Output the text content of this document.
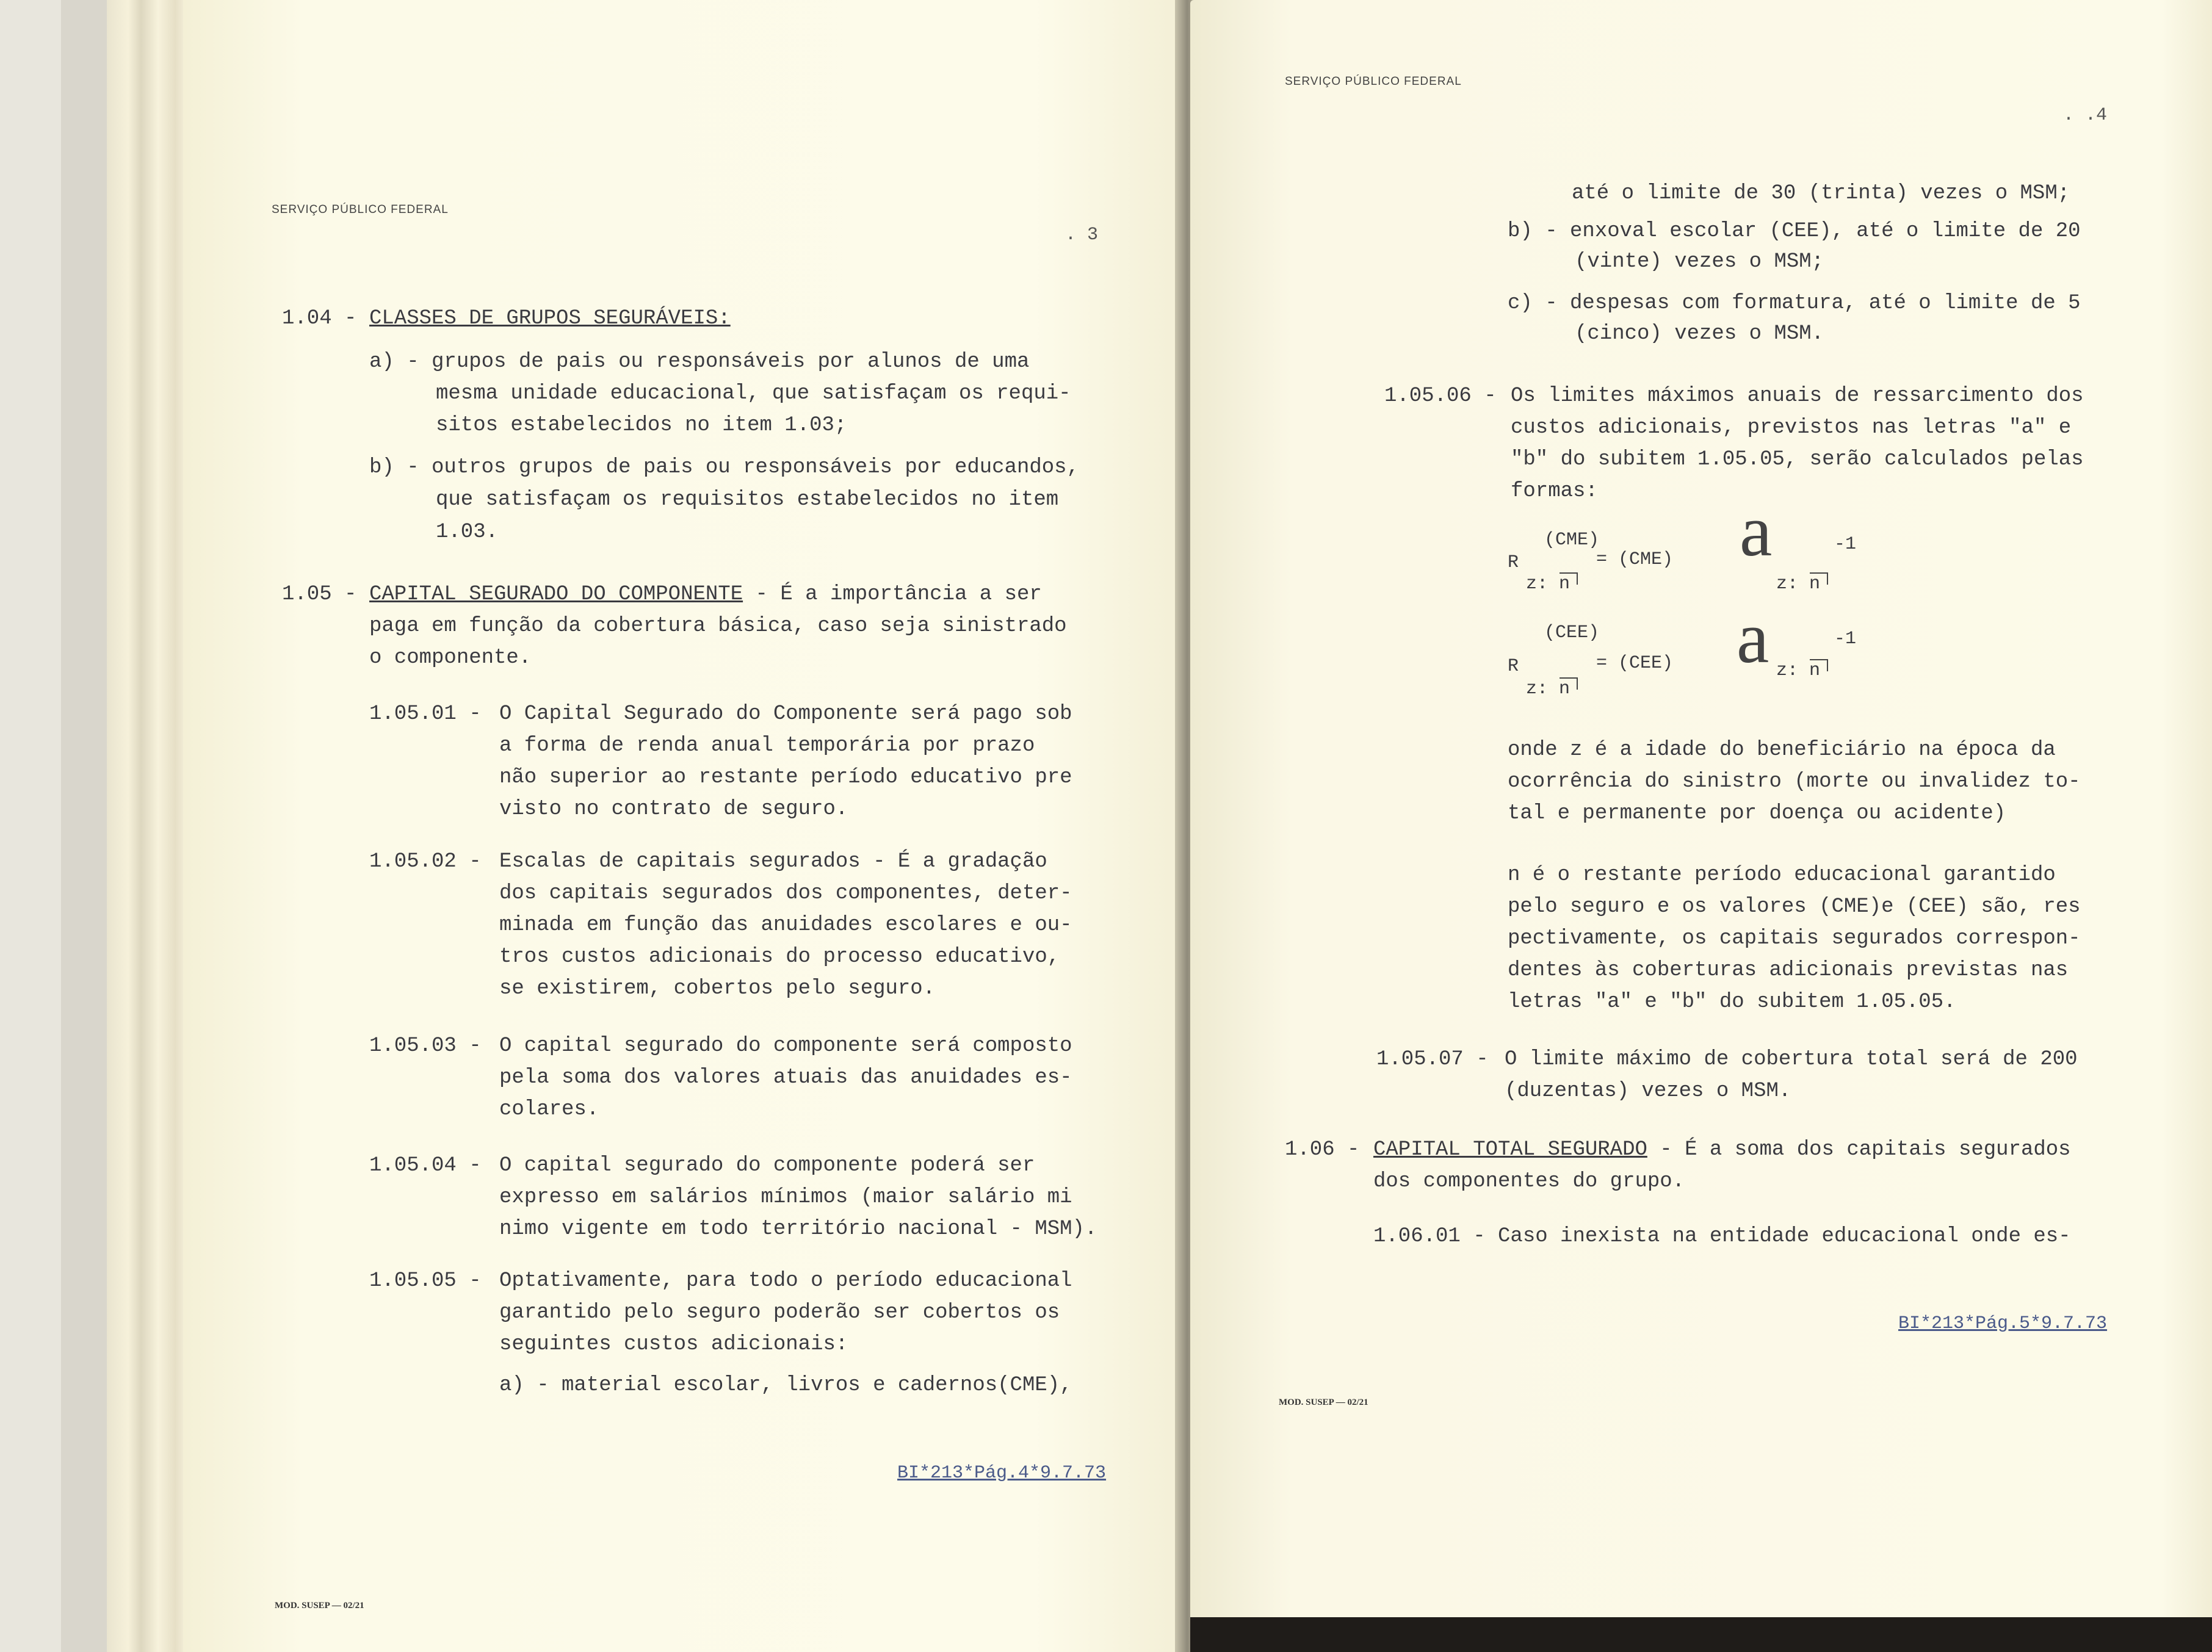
SERVIÇO PÚBLICO FEDERAL
. 3
1.04 - CLASSES DE GRUPOS SEGURÁVEIS:
a) - grupos de pais ou responsáveis por alunos de uma
mesma unidade educacional, que satisfaçam os requi-
sitos estabelecidos no item 1.03;
b) - outros grupos de pais ou responsáveis por educandos,
que satisfaçam os requisitos estabelecidos no item
1.03.
1.05 - CAPITAL SEGURADO DO COMPONENTE - É a importância a ser
paga em função da cobertura básica, caso seja sinistrado
o componente.
1.05.01 - O Capital Segurado do Componente será pago sob
a forma de renda anual temporária por prazo
não superior ao restante período educativo pre
visto no contrato de seguro.
1.05.02 - Escalas de capitais segurados - É a gradação
dos capitais segurados dos componentes, deter-
minada em função das anuidades escolares e ou-
tros custos adicionais do processo educativo,
se existirem, cobertos pelo seguro.
1.05.03 - O capital segurado do componente será composto
pela soma dos valores atuais das anuidades es-
colares.
1.05.04 - O capital segurado do componente poderá ser
expresso em salários mínimos (maior salário mi
nimo vigente em todo território nacional - MSM).
1.05.05 - Optativamente, para todo o período educacional
garantido pelo seguro poderão ser cobertos os
seguintes custos adicionais:
a) - material escolar, livros e cadernos(CME),
BI*213*Pág.4*9.7.73
MOD. SUSEP — 02/21
SERVIÇO PÚBLICO FEDERAL
. .4
até o limite de 30 (trinta) vezes o MSM;
b) - enxoval escolar (CEE), até o limite de 20
(vinte) vezes o MSM;
c) - despesas com formatura, até o limite de 5
(cinco) vezes o MSM.
1.05.06 - Os limites máximos anuais de ressarcimento dos
custos adicionais, previstos nas letras "a" e
"b" do subitem 1.05.05, serão calculados pelas
formas:
(CME)
R
z: n
= (CME) a	-1
z: n
(CEE)
R
z: n
= (CEE) a	-1
z: n
onde z é a idade do beneficiário na época da
ocorrência do sinistro (morte ou invalidez to-
tal e permanente por doença ou acidente)
n é o restante período educacional garantido
pelo seguro e os valores (CME)e (CEE) são, res
pectivamente, os capitais segurados correspon-
dentes às coberturas adicionais previstas nas
letras "a" e "b" do subitem 1.05.05.
1.05.07 - O limite máximo de cobertura total será de 200
(duzentas) vezes o MSM.
1.06 - CAPITAL TOTAL SEGURADO - É a soma dos capitais segurados
dos componentes do grupo.
1.06.01 - Caso inexista na entidade educacional onde es-
BI*213*Pág.5*9.7.73
MOD. SUSEP — 02/21
